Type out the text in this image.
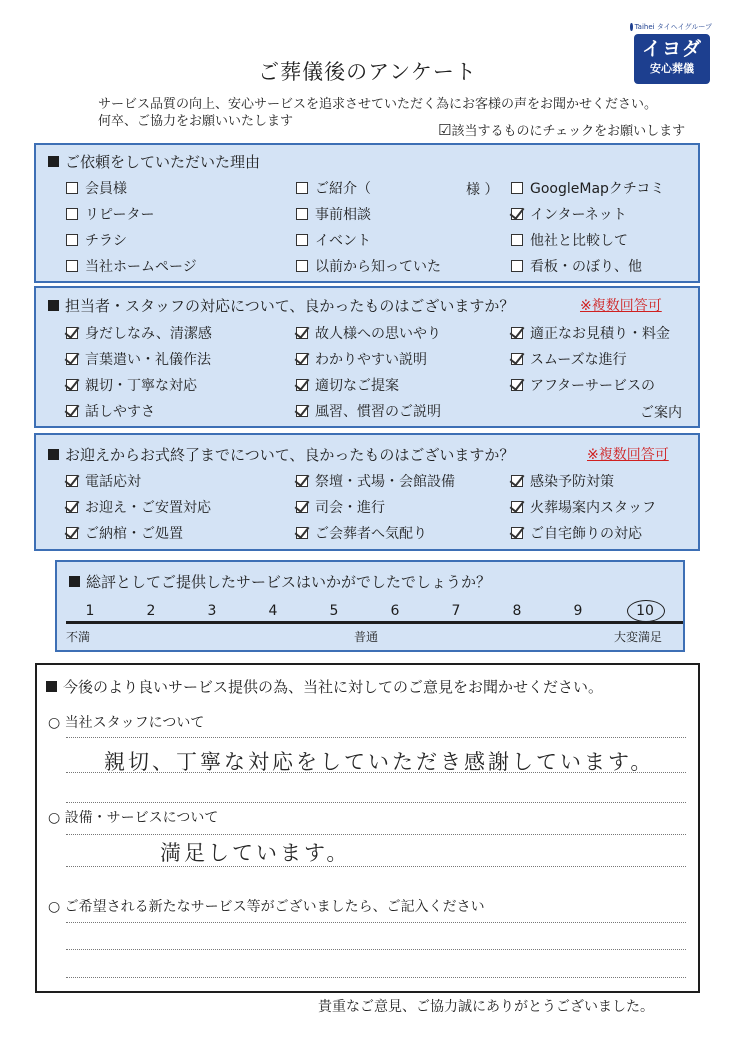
Taihei タイヘイグループ
イヨダ
安心葬儀
ご葬儀後のアンケート
サービス品質の向上、安心サービスを追求させていただく為にお客様の声をお聞かせください。
何卒、ご協力をお願いいたします	☑該当するものにチェックをお願いします
ご依頼をしていただいた理由
会員様	ご紹介（	様 ） GoogleMapクチコミ
リピーター	事前相談	インターネット
チラシ	イベント	他社と比較して
当社ホームページ	以前から知っていた	看板・のぼり、他
担当者・スタッフの対応について、良かったものはございますか？	※複数回答可
身だしなみ、清潔感	故人様への思いやり	適正なお見積り・料金
言葉遣い・礼儀作法	わかりやすい説明	スムーズな進行
親切・丁寧な対応	適切なご提案	アフターサービスの
話しやすさ	風習、慣習のご説明	ご案内
お迎えからお式終了までについて、良かったものはございますか？	※複数回答可
電話応対	祭壇・式場・会館設備	感染予防対策
お迎え・ご安置対応	司会・進行	火葬場案内スタッフ
ご納棺・ご処置	ご会葬者へ気配り	ご自宅飾りの対応
総評としてご提供したサービスはいかがでしたでしょうか？
1	2	3	4	5	6	7	8	9	10
不満	普通	大変満足
今後のより良いサービス提供の為、当社に対してのご意見をお聞かせください。
○ 当社スタッフについて
親切、丁寧な対応をしていただき感謝しています。
○ 設備・サービスについて
満足しています。
○ ご希望される新たなサービス等がございましたら、ご記入ください
貴重なご意見、ご協力誠にありがとうございました。
